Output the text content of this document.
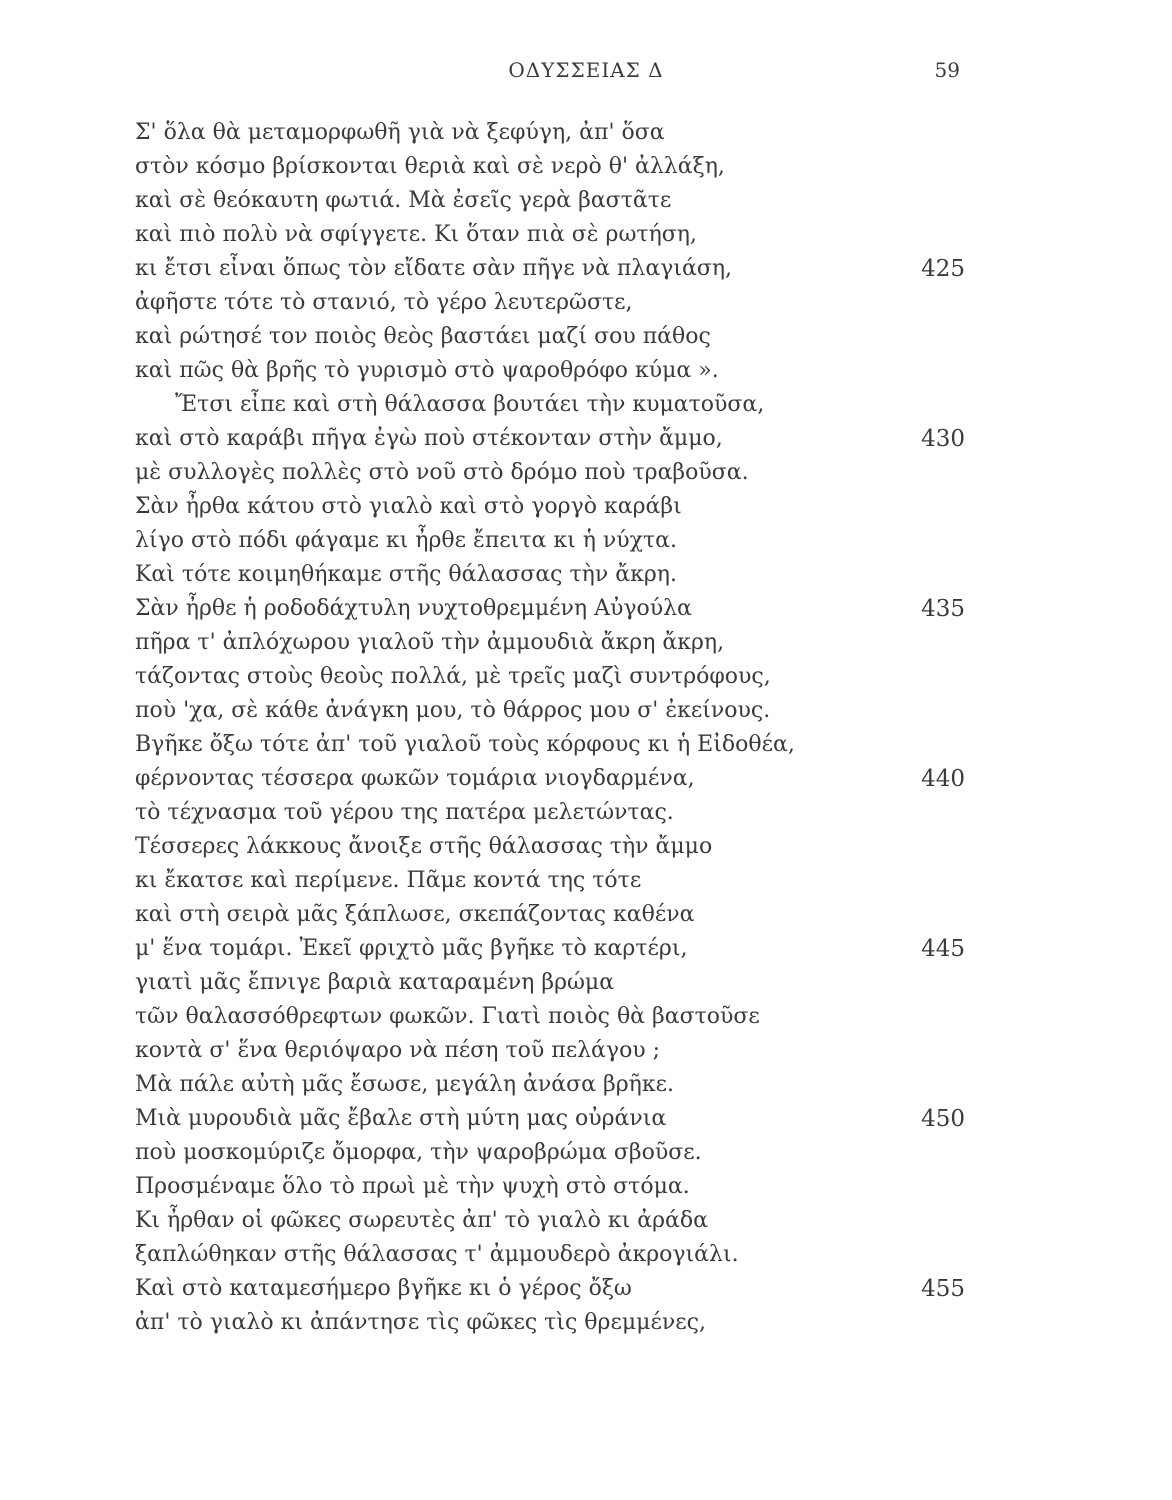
ΟΔΥΣΣΕΙΑΣ Δ	59
Σ' ὅλα θὰ μεταμορφωθῆ γιὰ νὰ ξεφύγη, ἀπ' ὅσα
στὸν κόσμο βρίσκονται θεριὰ καὶ σὲ νερὸ θ' ἀλλάξη,
καὶ σὲ θεόκαυτη φωτιά. Μὰ ἐσεῖς γερὰ βαστᾶτε
καὶ πιὸ πολὺ νὰ σφίγγετε. Κι ὅταν πιὰ σὲ ρωτήση,
κι ἔτσι εἶναι ὅπως τὸν εἴδατε σὰν πῆγε νὰ πλαγιάση,	425
ἀφῆστε τότε τὸ στανιό, τὸ γέρο λευτερῶστε,
καὶ ρώτησέ τον ποιὸς θεὸς βαστάει μαζί σου πάθος
καὶ πῶς θὰ βρῆς τὸ γυρισμὸ στὸ ψαροθρόφο κύμα ».
Ἔτσι εἶπε καὶ στὴ θάλασσα βουτάει τὴν κυματοῦσα,
καὶ στὸ καράβι πῆγα ἐγὼ ποὺ στέκονταν στὴν ἄμμο,	430
μὲ συλλογὲς πολλὲς στὸ νοῦ στὸ δρόμο ποὺ τραβοῦσα.
Σὰν ἦρθα κάτου στὸ γιαλὸ καὶ στὸ γοργὸ καράβι
λίγο στὸ πόδι φάγαμε κι ἦρθε ἔπειτα κι ἡ νύχτα.
Καὶ τότε κοιμηθήκαμε στῆς θάλασσας τὴν ἄκρη.
Σὰν ἦρθε ἡ ροδοδάχτυλη νυχτοθρεμμένη Αὐγούλα	435
πῆρα τ' ἀπλόχωρου γιαλοῦ τὴν ἀμμουδιὰ ἄκρη ἄκρη,
τάζοντας στοὺς θεοὺς πολλά, μὲ τρεῖς μαζὶ συντρόφους,
ποὺ 'χα, σὲ κάθε ἀνάγκη μου, τὸ θάρρος μου σ' ἐκείνους.
Βγῆκε ὄξω τότε ἀπ' τοῦ γιαλοῦ τοὺς κόρφους κι ἡ Εἰδοθέα,
φέρνοντας τέσσερα φωκῶν τομάρια νιογδαρμένα,	440
τὸ τέχνασμα τοῦ γέρου της πατέρα μελετώντας.
Τέσσερες λάκκους ἄνοιξε στῆς θάλασσας τὴν ἄμμο
κι ἔκατσε καὶ περίμενε. Πᾶμε κοντά της τότε
καὶ στὴ σειρὰ μᾶς ξάπλωσε, σκεπάζοντας καθένα
μ' ἕνα τομάρι. Ἐκεῖ φριχτὸ μᾶς βγῆκε τὸ καρτέρι,	445
γιατὶ μᾶς ἔπνιγε βαριὰ καταραμένη βρώμα
τῶν θαλασσόθρεφτων φωκῶν. Γιατὶ ποιὸς θὰ βαστοῦσε
κοντὰ σ' ἕνα θεριόψαρο νὰ πέση τοῦ πελάγου ;
Μὰ πάλε αὐτὴ μᾶς ἔσωσε, μεγάλη ἀνάσα βρῆκε.
Μιὰ μυρουδιὰ μᾶς ἔβαλε στὴ μύτη μας οὐράνια	450
ποὺ μοσκομύριζε ὄμορφα, τὴν ψαροβρώμα σβοῦσε.
Προσμέναμε ὅλο τὸ πρωὶ μὲ τὴν ψυχὴ στὸ στόμα.
Κι ἦρθαν οἱ φῶκες σωρευτὲς ἀπ' τὸ γιαλὸ κι ἀράδα
ξαπλώθηκαν στῆς θάλασσας τ' ἀμμουδερὸ ἀκρογιάλι.
Καὶ στὸ καταμεσήμερο βγῆκε κι ὁ γέρος ὄξω	455
ἀπ' τὸ γιαλὸ κι ἀπάντησε τὶς φῶκες τὶς θρεμμένες,
